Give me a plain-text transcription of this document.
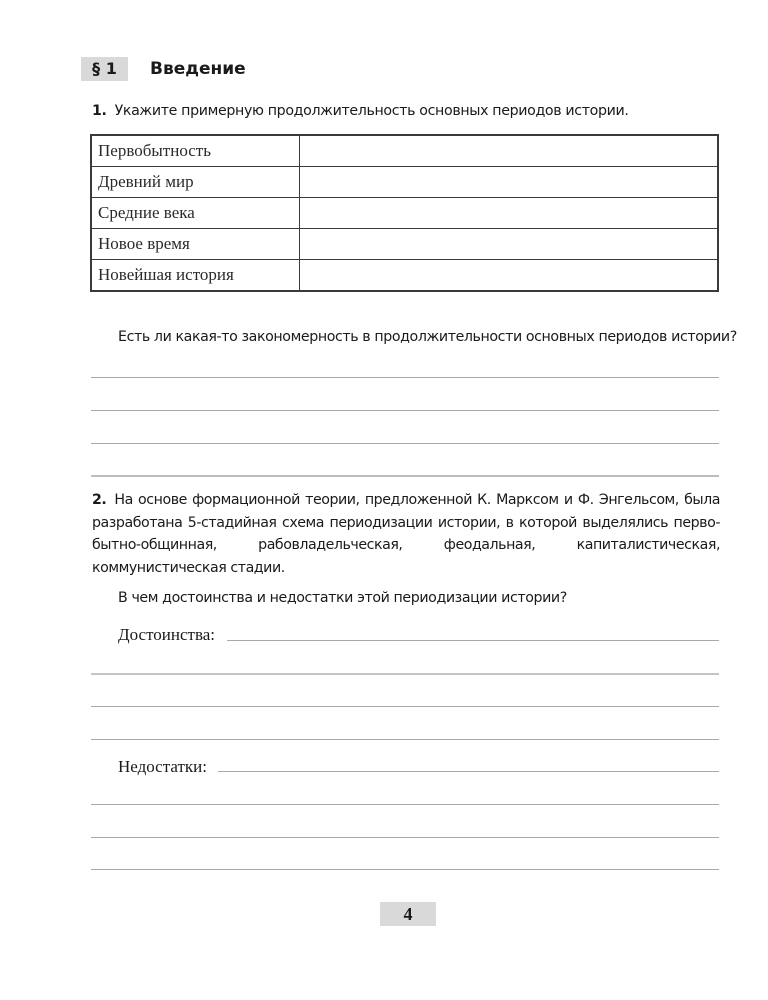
§ 1	Введение
1. Укажите примерную продолжительность основных периодов истории.
Первобытность	
Древний мир	
Средние века	
Новое время	
Новейшая история	
Есть ли какая-то закономерность в продолжительности основных периодов истории?
2. На основе формационной теории, предложенной К. Марксом и Ф. Энгельсом, была разработана 5-стадийная схема периодизации истории, в которой выделялись перво-бытно-общинная, рабовладельческая, феодальная, капиталистическая, коммунистическая стадии.
В чем достоинства и недостатки этой периодизации истории?
Достоинства:
Недостатки:
4
